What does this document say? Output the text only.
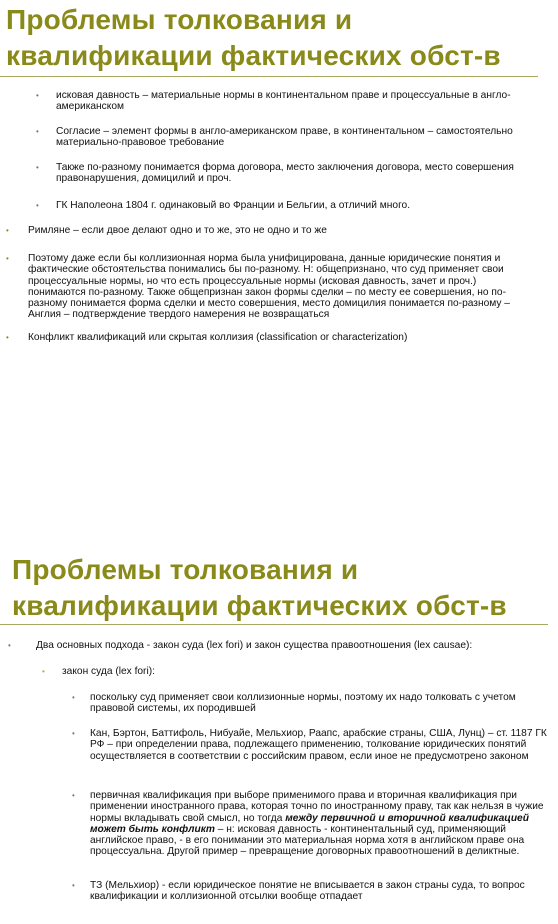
Проблемы толкования и квалификации фактических обст-в
•	исковая давность – материальные нормы в континентальном праве и процессуальные в англо-американском
•	Согласие – элемент формы в англо-американском праве, в континентальном – самостоятельно материально-правовое требование
•	Также по-разному понимается форма договора, место заключения договора, место совершения правонарушения, домицилий и проч.
•	ГК Наполеона 1804 г. одинаковый во Франции и Бельгии, а отличий много.
•	Римляне – если двое делают одно и то же, это не одно и то же
•	Поэтому даже если бы коллизионная норма была унифицирована, данные юридические понятия и фактические обстоятельства понимались бы по-разному. Н: общепризнано, что суд применяет свои процессуальные нормы, но что есть процессуальные нормы (исковая давность, зачет и проч.) понимаются по-разному. Также общепризнан закон формы сделки – по месту ее совершения, но по-разному понимается форма сделки и место совершения, место домицилия понимается по-разному – Англия – подтверждение твердого намерения не возвращаться
•	Конфликт квалификаций или скрытая коллизия (classification or characterization)
Проблемы толкования и квалификации фактических обст-в
•	Два основных подхода - закон суда (lex fori) и закон существа правоотношения (lex causae):
•	закон суда (lex fori):
•	поскольку суд применяет свои коллизионные нормы, поэтому их надо толковать с учетом правовой системы, их породившей
•	Кан, Бэртон, Баттифоль, Нибуайе, Мельхиор, Раапс, арабские страны, США, Лунц) – ст. 1187 ГК РФ – при определении права, подлежащего применению, толкование юридических понятий осуществляется в соответствии с российским правом, если иное не предусмотрено законом
•	первичная квалификация при выборе применимого права и вторичная квалификация при применении иностранного права, которая точно по иностранному праву, так как нельзя в чужие нормы вкладывать свой смысл, но тогда между первичной и вторичной квалификацией может быть конфликт – н: исковая давность - континентальный суд, применяющий английское право, - в его понимании это материальная норма хотя в английском праве она процессуальна. Другой пример – превращение договорных правоотношений в деликтные.
•	ТЗ (Мельхиор) - если юридическое понятие не вписывается в закон страны суда, то вопрос квалификации и коллизионной отсылки вообще отпадает
